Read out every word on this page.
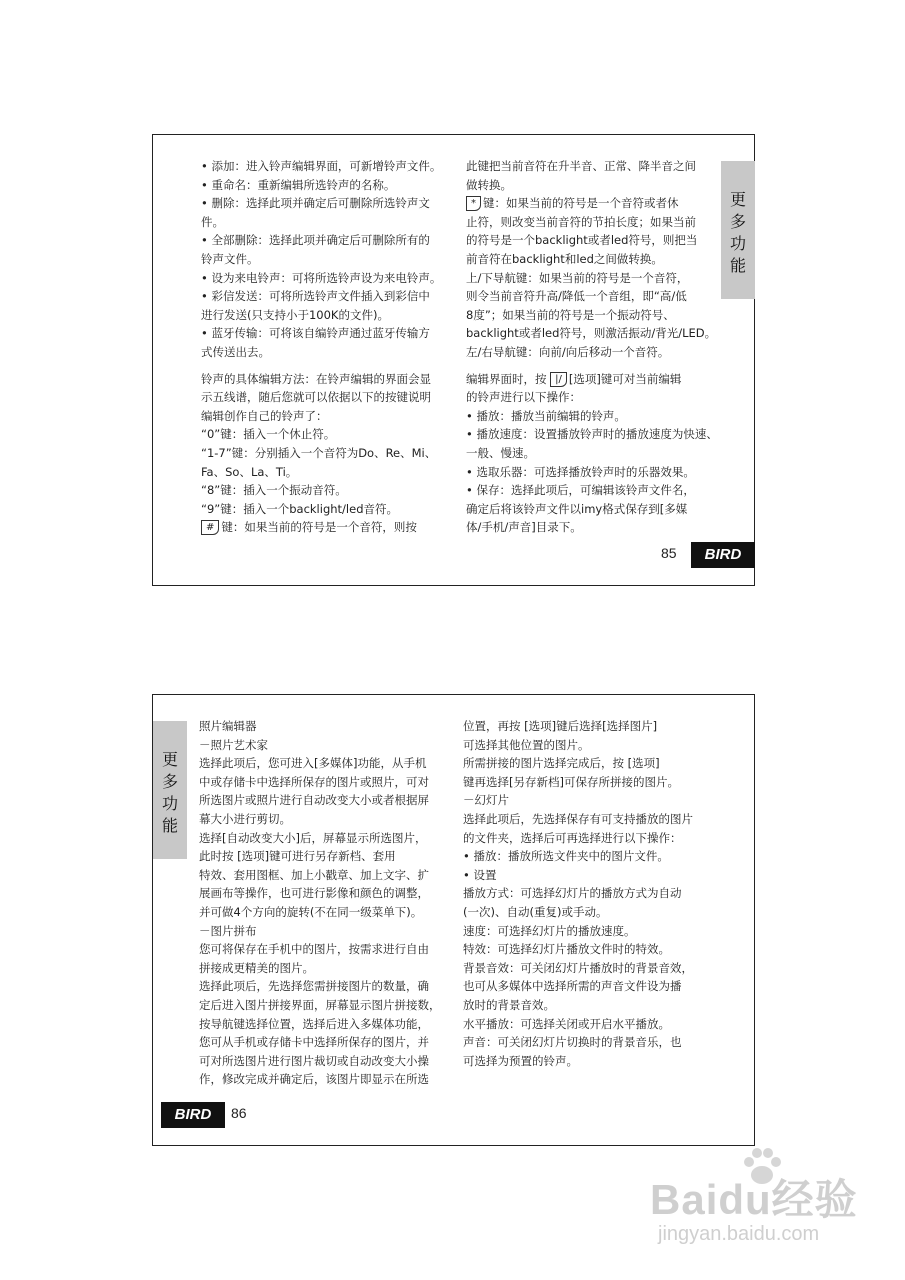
• 添加：进入铃声编辑界面，可新增铃声文件。
• 重命名：重新编辑所选铃声的名称。
• 删除：选择此项并确定后可删除所选铃声文
件。
• 全部删除：选择此项并确定后可删除所有的
铃声文件。
• 设为来电铃声：可将所选铃声设为来电铃声。
• 彩信发送：可将所选铃声文件插入到彩信中
进行发送(只支持小于100K的文件)。
• 蓝牙传输：可将该自编铃声通过蓝牙传输方
式传送出去。
铃声的具体编辑方法：在铃声编辑的界面会显
示五线谱，随后您就可以依据以下的按键说明
编辑创作自己的铃声了：
“0”键：插入一个休止符。
“1-7”键：分别插入一个音符为Do、Re、Mi、
Fa、So、La、Ti。
“8”键：插入一个振动音符。
“9”键：插入一个backlight/led音符。
# 键：如果当前的符号是一个音符，则按
此键把当前音符在升半音、正常、降半音之间
做转换。
* 键：如果当前的符号是一个音符或者休
止符，则改变当前音符的节拍长度；如果当前
的符号是一个backlight或者led符号，则把当
前音符在backlight和led之间做转换。
上/下导航键：如果当前的符号是一个音符，
则令当前音符升高/降低一个音组，即“高/低
8度”；如果当前的符号是一个振动符号、
backlight或者led符号，则激活振动/背光/LED。
左/右导航键：向前/向后移动一个音符。
编辑界面时，按 |/ [选项]键可对当前编辑
的铃声进行以下操作：
• 播放：播放当前编辑的铃声。
• 播放速度：设置播放铃声时的播放速度为快速、
一般、慢速。
• 选取乐器：可选择播放铃声时的乐器效果。
• 保存：选择此项后，可编辑该铃声文件名，
确定后将该铃声文件以imy格式保存到[多媒
体/手机/声音]目录下。
更
多
功
能
85	BIRD
更
多
功
能
照片编辑器
－照片艺术家
选择此项后，您可进入[多媒体]功能，从手机
中或存储卡中选择所保存的图片或照片，可对
所选图片或照片进行自动改变大小或者根据屏
幕大小进行剪切。
选择[自动改变大小]后，屏幕显示所选图片，
此时按 [选项]键可进行另存新档、套用
特效、套用图框、加上小戳章、加上文字、扩
展画布等操作，也可进行影像和颜色的调整，
并可做4个方向的旋转(不在同一级菜单下)。
－图片拼布
您可将保存在手机中的图片，按需求进行自由
拼接成更精美的图片。
选择此项后，先选择您需拼接图片的数量，确
定后进入图片拼接界面，屏幕显示图片拼接数，
按导航键选择位置，选择后进入多媒体功能，
您可从手机或存储卡中选择所保存的图片，并
可对所选图片进行图片裁切或自动改变大小操
作，修改完成并确定后，该图片即显示在所选
位置，再按 [选项]键后选择[选择图片]
可选择其他位置的图片。
所需拼接的图片选择完成后，按 [选项]
键再选择[另存新档]可保存所拼接的图片。
－幻灯片
选择此项后，先选择保存有可支持播放的图片
的文件夹，选择后可再选择进行以下操作：
• 播放：播放所选文件夹中的图片文件。
• 设置
播放方式：可选择幻灯片的播放方式为自动
(一次)、自动(重复)或手动。
速度：可选择幻灯片的播放速度。
特效：可选择幻灯片播放文件时的特效。
背景音效：可关闭幻灯片播放时的背景音效，
也可从多媒体中选择所需的声音文件设为播
放时的背景音效。
水平播放：可选择关闭或开启水平播放。
声音：可关闭幻灯片切换时的背景音乐，也
可选择为预置的铃声。
BIRD	86
Baidu经验
jingyan.baidu.com
